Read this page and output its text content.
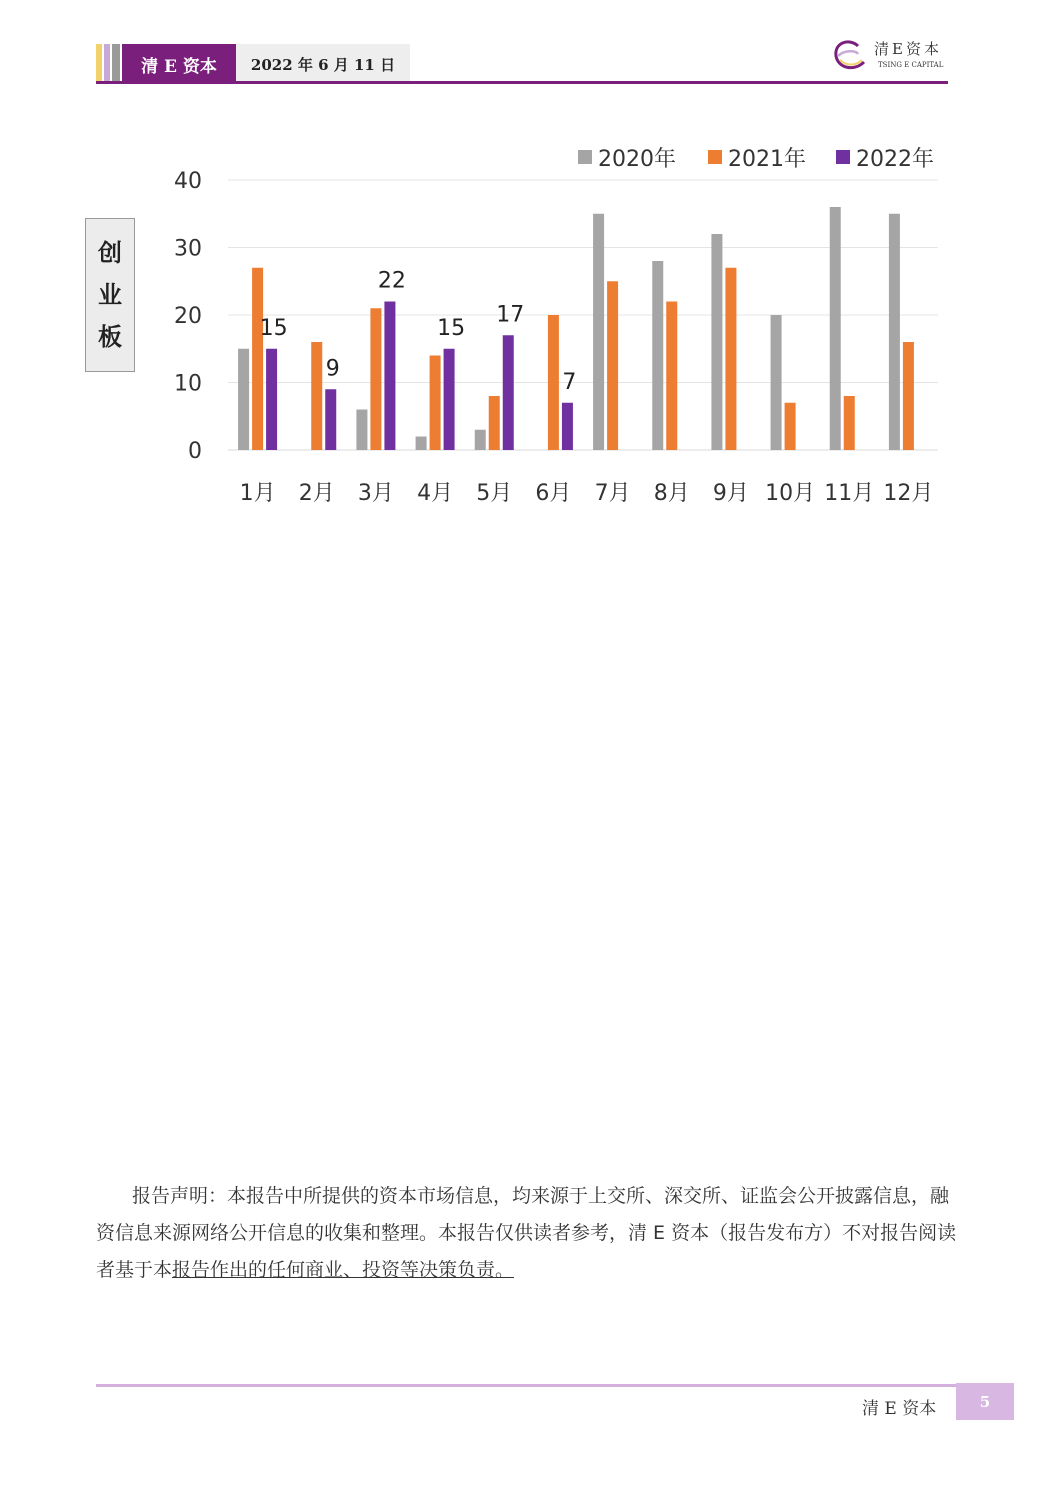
清 E 资本	2022 年 6 月 11 日
清E资本
TSING E CAPITAL
创
业
板
0
10
20
30
40
1月 2月 3月 4月 5月 6月 7月 8月 9月 10月 11月 12月
15
9
22
15
17
7
2020年 2021年 2022年
报告声明：本报告中所提供的资本市场信息，均来源于上交所、深交所、证监会公开披露信息，融资信息来源网络公开信息的收集和整理。本报告仅供读者参考，清 E 资本（报告发布方）不对报告阅读者基于本报告作出的任何商业、投资等决策负责。
清 E 资本	5
